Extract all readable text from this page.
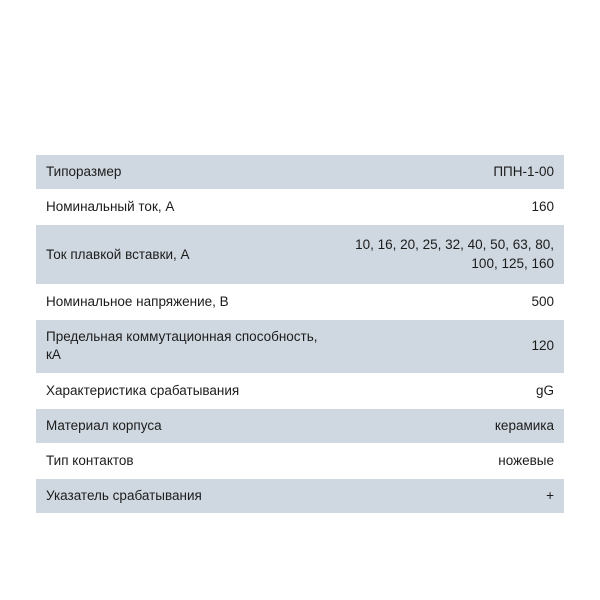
Типоразмер	ППН-1-00
Номинальный ток, А	160
Ток плавкой вставки, А	10, 16, 20, 25, 32, 40, 50, 63, 80, 100, 125, 160
Номинальное напряжение, В	500
Предельная коммутационная способность, кА	120
Характеристика срабатывания	gG
Материал корпуса	керамика
Тип контактов	ножевые
Указатель срабатывания	+
